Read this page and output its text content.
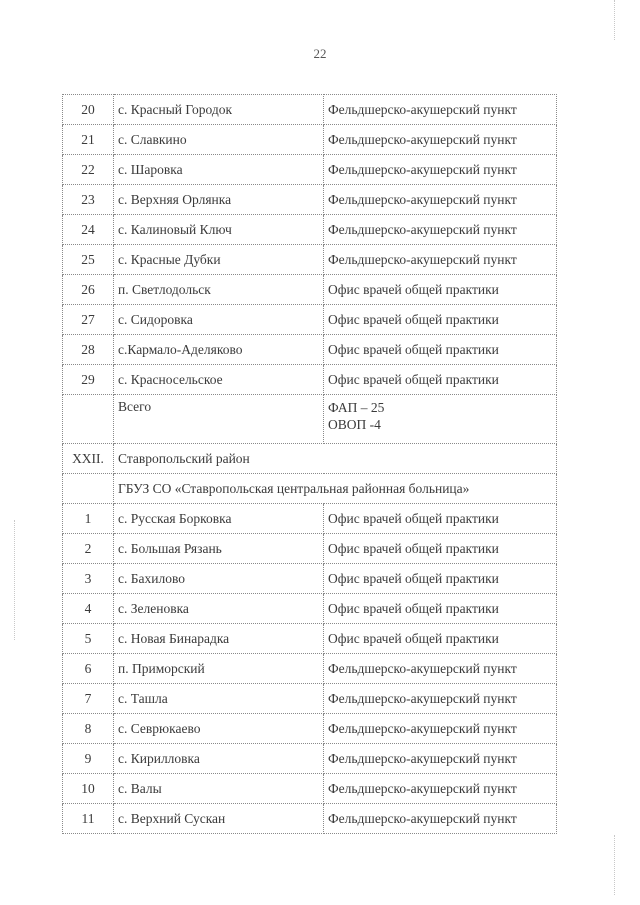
22
20	с. Красный Городок	Фельдшерско-акушерский пункт
21	с. Славкино	Фельдшерско-акушерский пункт
22	с. Шаровка	Фельдшерско-акушерский пункт
23	с. Верхняя Орлянка	Фельдшерско-акушерский пункт
24	с. Калиновый Ключ	Фельдшерско-акушерский пункт
25	с. Красные Дубки	Фельдшерско-акушерский пункт
26	п. Светлодольск	Офис врачей общей практики
27	с. Сидоровка	Офис врачей общей практики
28	с.Кармало-Аделяково	Офис врачей общей практики
29	с. Красносельское	Офис врачей общей практики
	Всего	ФАП – 25
ОВОП -4

XXII.	Ставропольский район	
	ГБУЗ СО «Ставропольская центральная районная больница»	
1	с. Русская Борковка	Офис врачей общей практики
2	с. Большая Рязань	Офис врачей общей практики
3	с. Бахилово	Офис врачей общей практики
4	с. Зеленовка	Офис врачей общей практики
5	с. Новая Бинарадка	Офис врачей общей практики
6	п. Приморский	Фельдшерско-акушерский пункт
7	с. Ташла	Фельдшерско-акушерский пункт
8	с. Севрюкаево	Фельдшерско-акушерский пункт
9	с. Кирилловка	Фельдшерско-акушерский пункт
10	с. Валы	Фельдшерско-акушерский пункт
11	с. Верхний Сускан	Фельдшерско-акушерский пункт
